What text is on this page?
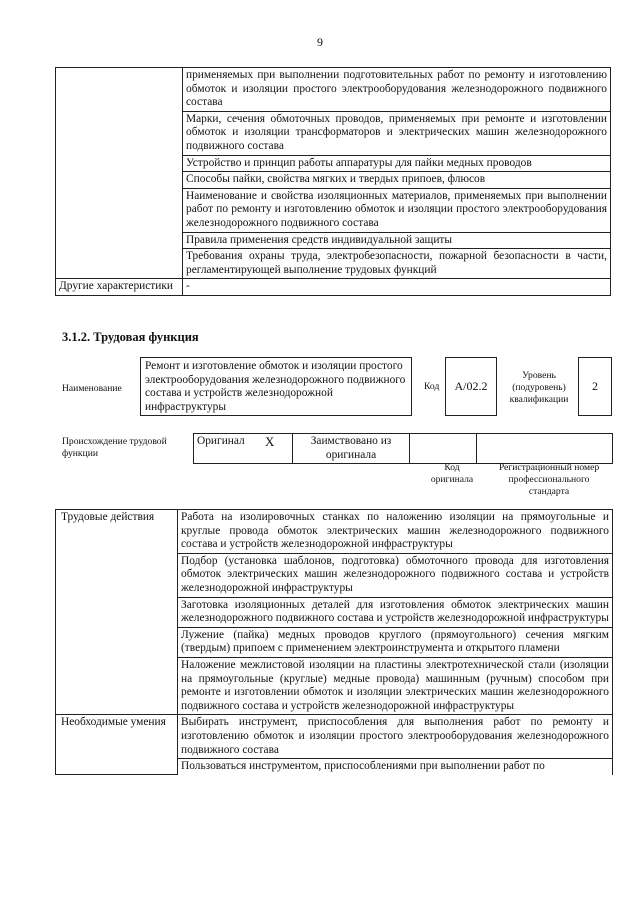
9
	применяемых при выполнении подготовительных работ по ремонту и изготовлению обмоток и изоляции простого электрооборудования железнодорожного подвижного состава
	Марки, сечения обмоточных проводов, применяемых при ремонте и изготовлении обмоток и изоляции трансформаторов и электрических машин железнодорожного подвижного состава
	Устройство и принцип работы аппаратуры для пайки медных проводов
	Способы пайки, свойства мягких и твердых припоев, флюсов
	Наименование и свойства изоляционных материалов, применяемых при выполнении работ по ремонту и изготовлению обмоток и изоляции простого электрооборудования железнодорожного подвижного состава
	Правила применения средств индивидуальной защиты
	Требования охраны труда, электробезопасности, пожарной безопасности в части, регламентирующей выполнение трудовых функций
Другие характеристики	-
3.1.2. Трудовая функция
Наименование
Ремонт и изготовление обмоток и изоляции простого электрооборудования железнодорожного подвижного состава и устройств железнодорожной инфраструктуры
Код	A/02.2
Уровень (подуровень) квалификации
2
Происхождение трудовой функции
Оригинал	X	Заимствовано из оригинала		
Код оригинала
Регистрационный номер профессионального стандарта
Трудовые действия	Работа на изолировочных станках по наложению изоляции на прямоугольные и круглые провода обмоток электрических машин железнодорожного подвижного состава и устройств железнодорожной инфраструктуры
	Подбор (установка шаблонов, подготовка) обмоточного провода для изготовления обмоток электрических машин железнодорожного подвижного состава и устройств железнодорожной инфраструктуры
	Заготовка изоляционных деталей для изготовления обмоток электрических машин железнодорожного подвижного состава и устройств железнодорожной инфраструктуры
	Лужение (пайка) медных проводов круглого (прямоугольного) сечения мягким (твердым) припоем с применением электроинструмента и открытого пламени
	Наложение межлистовой изоляции на пластины электротехнической стали (изоляции на прямоугольные (круглые) медные провода) машинным (ручным) способом при ремонте и изготовлении обмоток и изоляции электрических машин железнодорожного подвижного состава и устройств железнодорожной инфраструктуры
Необходимые умения	Выбирать инструмент, приспособления для выполнения работ по ремонту и изготовлению обмоток и изоляции простого электрооборудования железнодорожного подвижного состава
	Пользоваться инструментом, приспособлениями при выполнении работ по
